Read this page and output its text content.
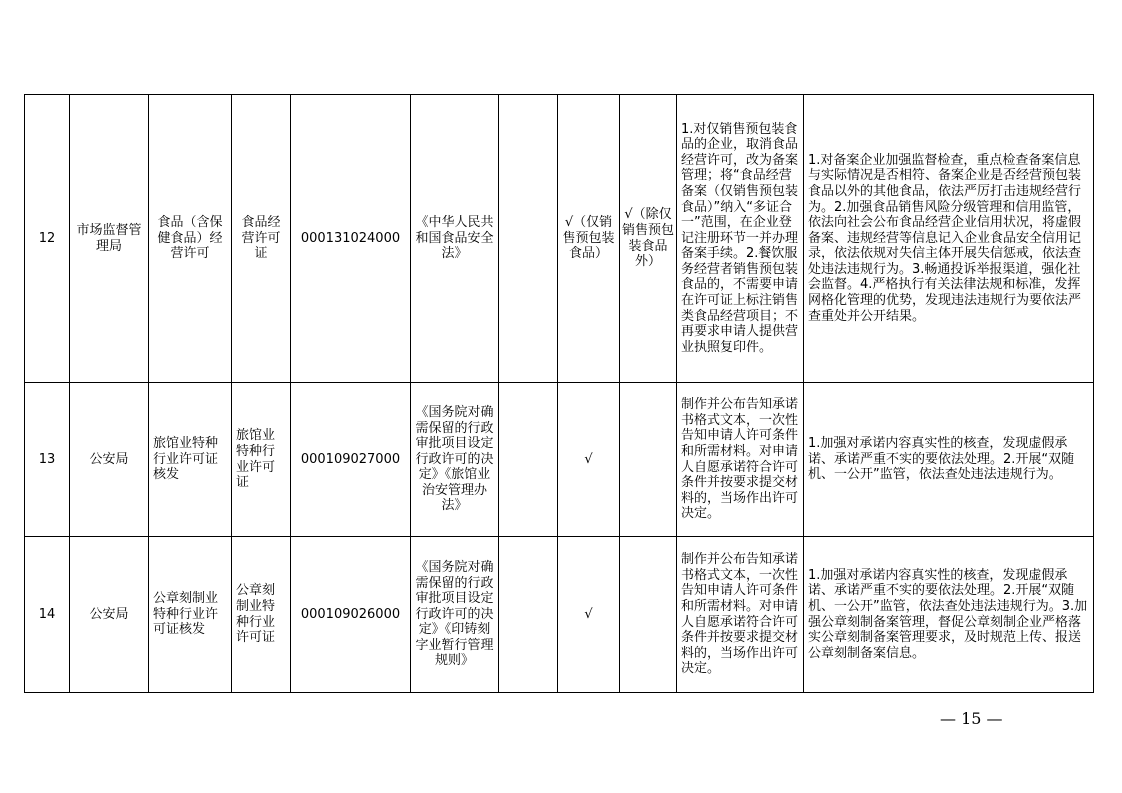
12	市场监督管理局	食品（含保健食品）经营许可	食品经营许可证	000131024000	《中华人民共和国食品安全法》		√（仅销售预包装食品）	√（除仅销售预包装食品外）	1.对仅销售预包装食品的企业，取消食品经营许可，改为备案管理；将“食品经营备案（仅销售预包装食品）”纳入“多证合一”范围，在企业登记注册环节一并办理备案手续。2.餐饮服务经营者销售预包装食品的，不需要申请在许可证上标注销售类食品经营项目；不再要求申请人提供营业执照复印件。	1.对备案企业加强监督检查，重点检查备案信息与实际情况是否相符、备案企业是否经营预包装食品以外的其他食品，依法严厉打击违规经营行为。2.加强食品销售风险分级管理和信用监管，依法向社会公布食品经营企业信用状况，将虚假备案、违规经营等信息记入企业食品安全信用记录，依法依规对失信主体开展失信惩戒，依法查处违法违规行为。3.畅通投诉举报渠道，强化社会监督。4.严格执行有关法律法规和标准，发挥网格化管理的优势，发现违法违规行为要依法严查重处并公开结果。
13	公安局	旅馆业特种行业许可证核发	旅馆业特种行业许可证	000109027000	《国务院对确需保留的行政审批项目设定行政许可的决定》《旅馆业治安管理办法》		√		制作并公布告知承诺书格式文本，一次性告知申请人许可条件和所需材料。对申请人自愿承诺符合许可条件并按要求提交材料的，当场作出许可决定。	1.加强对承诺内容真实性的核查，发现虚假承诺、承诺严重不实的要依法处理。2.开展“双随机、一公开”监管，依法查处违法违规行为。
14	公安局	公章刻制业特种行业许可证核发	公章刻制业特种行业许可证	000109026000	《国务院对确需保留的行政审批项目设定行政许可的决定》《印铸刻字业暂行管理规则》		√		制作并公布告知承诺书格式文本，一次性告知申请人许可条件和所需材料。对申请人自愿承诺符合许可条件并按要求提交材料的，当场作出许可决定。	1.加强对承诺内容真实性的核查，发现虚假承诺、承诺严重不实的要依法处理。2.开展“双随机、一公开”监管，依法查处违法违规行为。3.加强公章刻制备案管理，督促公章刻制企业严格落实公章刻制备案管理要求，及时规范上传、报送公章刻制备案信息。
— 15 —
